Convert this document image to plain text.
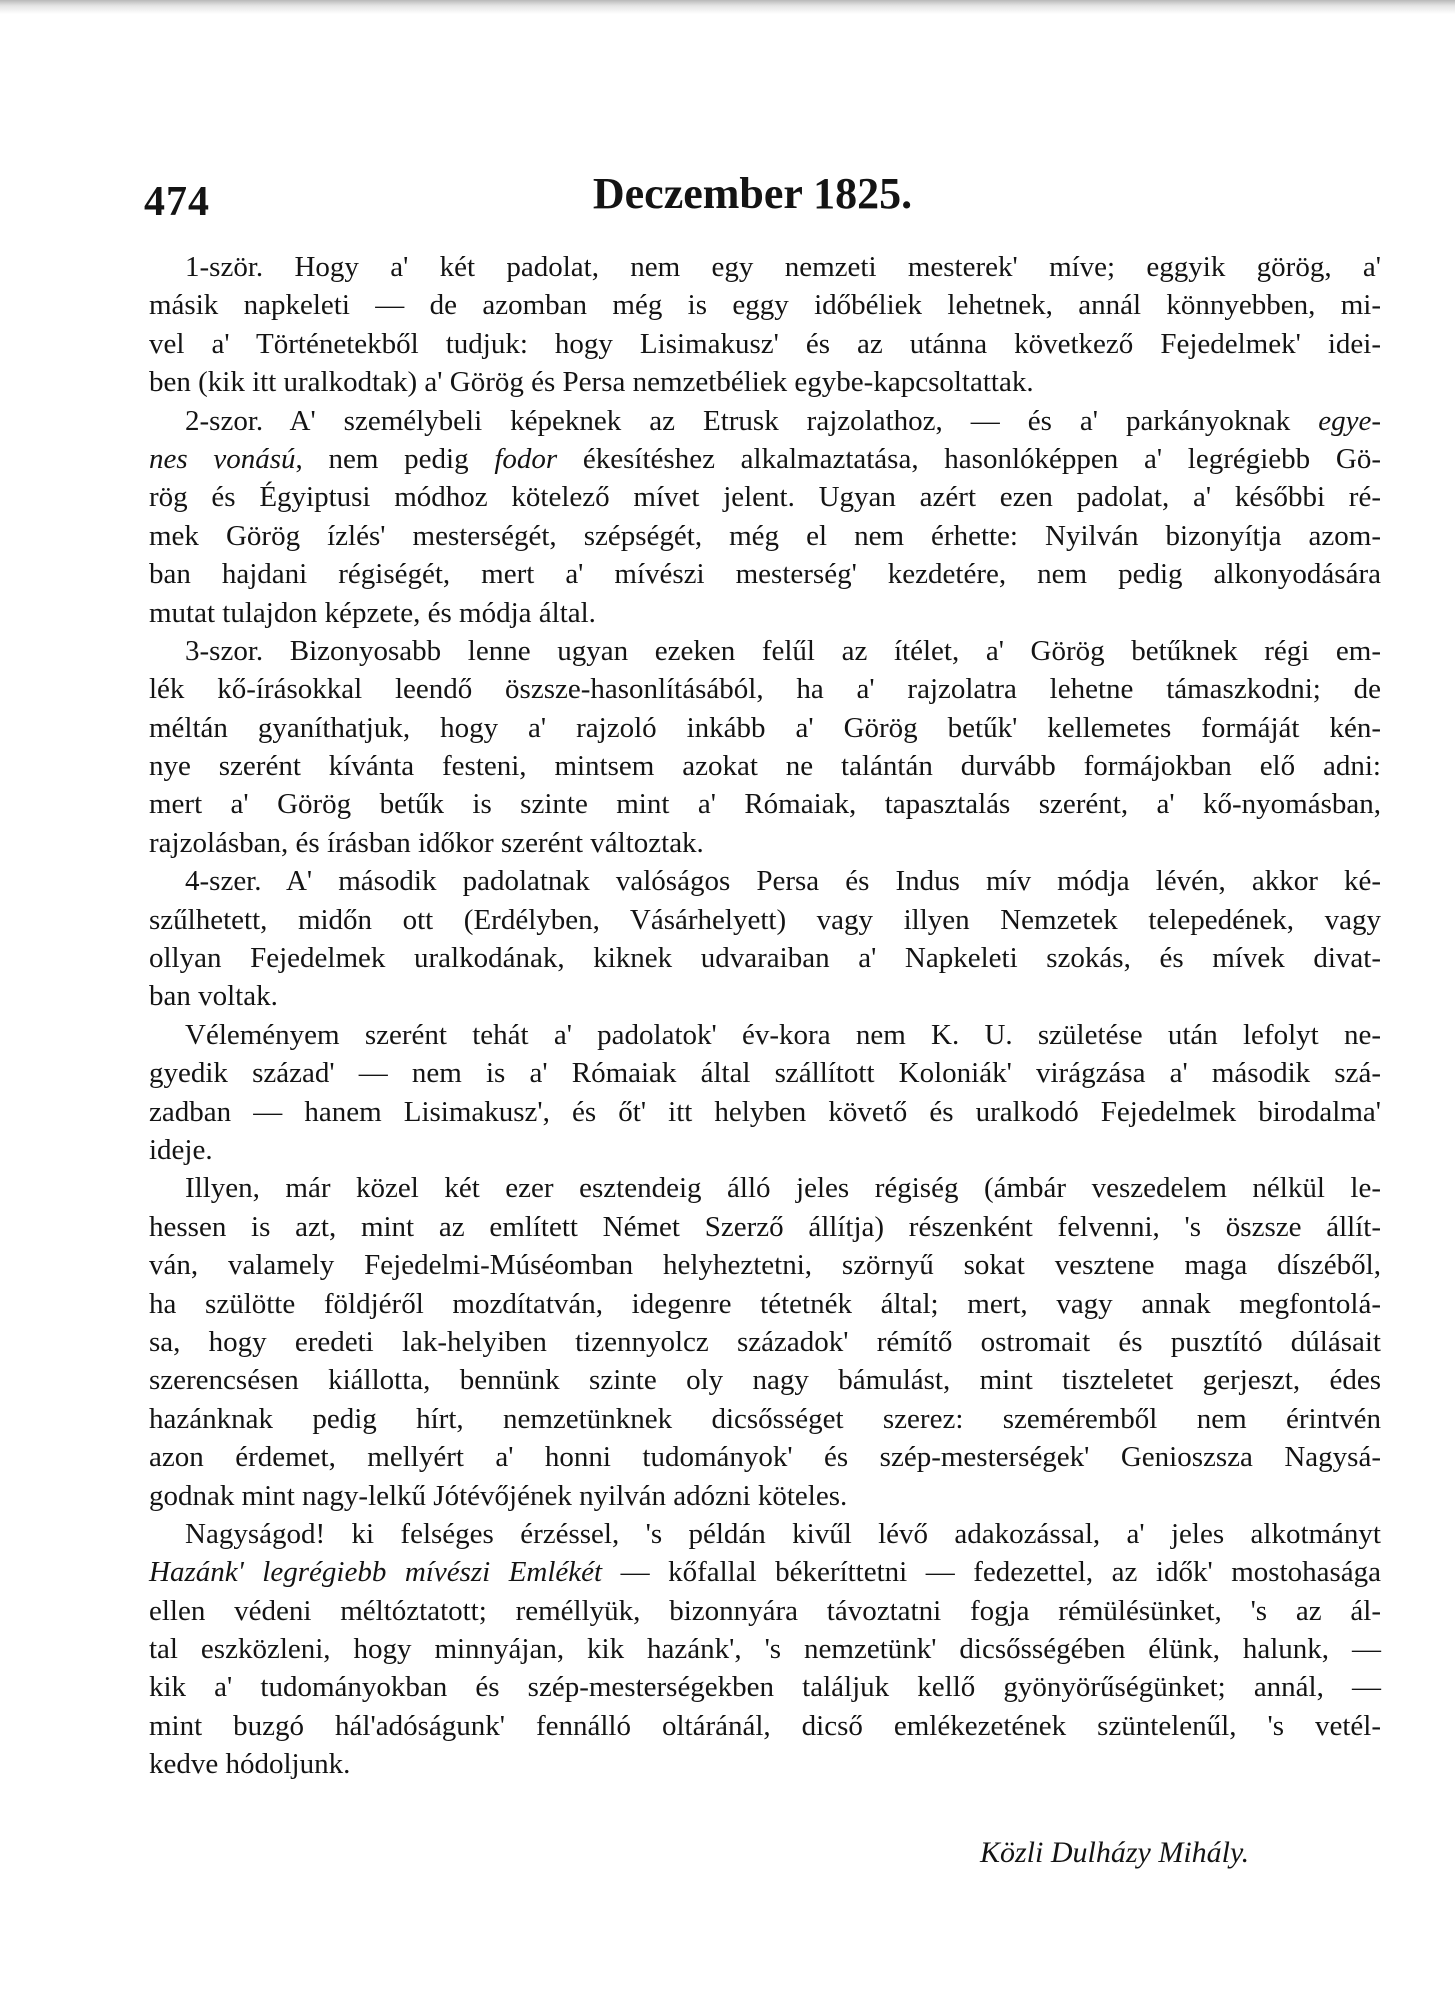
474	Deczember 1825.
1-ször. Hogy a' két padolat, nem egy nemzeti mesterek' míve; eggyik görög, a'
másik napkeleti — de azomban még is eggy időbéliek lehetnek, annál könnyebben, mi-
vel a' Történetekből tudjuk: hogy Lisimakusz' és az utánna következő Fejedelmek' idei-
ben (kik itt uralkodtak) a' Görög és Persa nemzetbéliek egybe-kapcsoltattak.
2-szor. A' személybeli képeknek az Etrusk rajzolathoz, — és a' parkányoknak egye-
nes vonású, nem pedig fodor ékesítéshez alkalmaztatása, hasonlóképpen a' legrégiebb Gö-
rög és Égyiptusi módhoz kötelező mívet jelent. Ugyan azért ezen padolat, a' későbbi ré-
mek Görög ízlés' mesterségét, szépségét, még el nem érhette: Nyilván bizonyítja azom-
ban hajdani régiségét, mert a' mívészi mesterség' kezdetére, nem pedig alkonyodására
mutat tulajdon képzete, és módja által.
3-szor. Bizonyosabb lenne ugyan ezeken felűl az ítélet, a' Görög betűknek régi em-
lék kő-írásokkal leendő öszsze-hasonlításából, ha a' rajzolatra lehetne támaszkodni; de
méltán gyaníthatjuk, hogy a' rajzoló inkább a' Görög betűk' kellemetes formáját kén-
nye szerént kívánta festeni, mintsem azokat ne talántán durvább formájokban elő adni:
mert a' Görög betűk is szinte mint a' Rómaiak, tapasztalás szerént, a' kő-nyomásban,
rajzolásban, és írásban időkor szerént változtak.
4-szer. A' második padolatnak valóságos Persa és Indus mív módja lévén, akkor ké-
szűlhetett, midőn ott (Erdélyben, Vásárhelyett) vagy illyen Nemzetek telepedének, vagy
ollyan Fejedelmek uralkodának, kiknek udvaraiban a' Napkeleti szokás, és mívek divat-
ban voltak.
Véleményem szerént tehát a' padolatok' év-kora nem K. U. születése után lefolyt ne-
gyedik század' — nem is a' Rómaiak által szállított Koloniák' virágzása a' második szá-
zadban — hanem Lisimakusz', és őt' itt helyben követő és uralkodó Fejedelmek birodalma'
ideje.
Illyen, már közel két ezer esztendeig álló jeles régiség (ámbár veszedelem nélkül le-
hessen is azt, mint az említett Német Szerző állítja) részenként felvenni, 's öszsze állít-
ván, valamely Fejedelmi-Múséomban helyheztetni, szörnyű sokat vesztene maga díszéből,
ha szülötte földjéről mozdítatván, idegenre tétetnék által; mert, vagy annak megfontolá-
sa, hogy eredeti lak-helyiben tizennyolcz századok' rémítő ostromait és pusztító dúlásait
szerencsésen kiállotta, bennünk szinte oly nagy bámulást, mint tiszteletet gerjeszt, édes
hazánknak pedig hírt, nemzetünknek dicsősséget szerez: szeméremből nem érintvén
azon érdemet, mellyért a' honni tudományok' és szép-mesterségek' Genioszsza Nagysá-
godnak mint nagy-lelkű Jótévőjének nyilván adózni köteles.
Nagyságod! ki felséges érzéssel, 's példán kivűl lévő adakozással, a' jeles alkotmányt
Hazánk' legrégiebb mívészi Emlékét — kőfallal békeríttetni — fedezettel, az idők' mostohasága
ellen védeni méltóztatott; reméllyük, bizonnyára távoztatni fogja rémülésünket, 's az ál-
tal eszközleni, hogy minnyájan, kik hazánk', 's nemzetünk' dicsősségében élünk, halunk, —
kik a' tudományokban és szép-mesterségekben találjuk kellő gyönyörűségünket; annál, —
mint buzgó hál'adóságunk' fennálló oltáránál, dicső emlékezetének szüntelenűl, 's vetél-
kedve hódoljunk.
Közli Dulházy Mihály.
